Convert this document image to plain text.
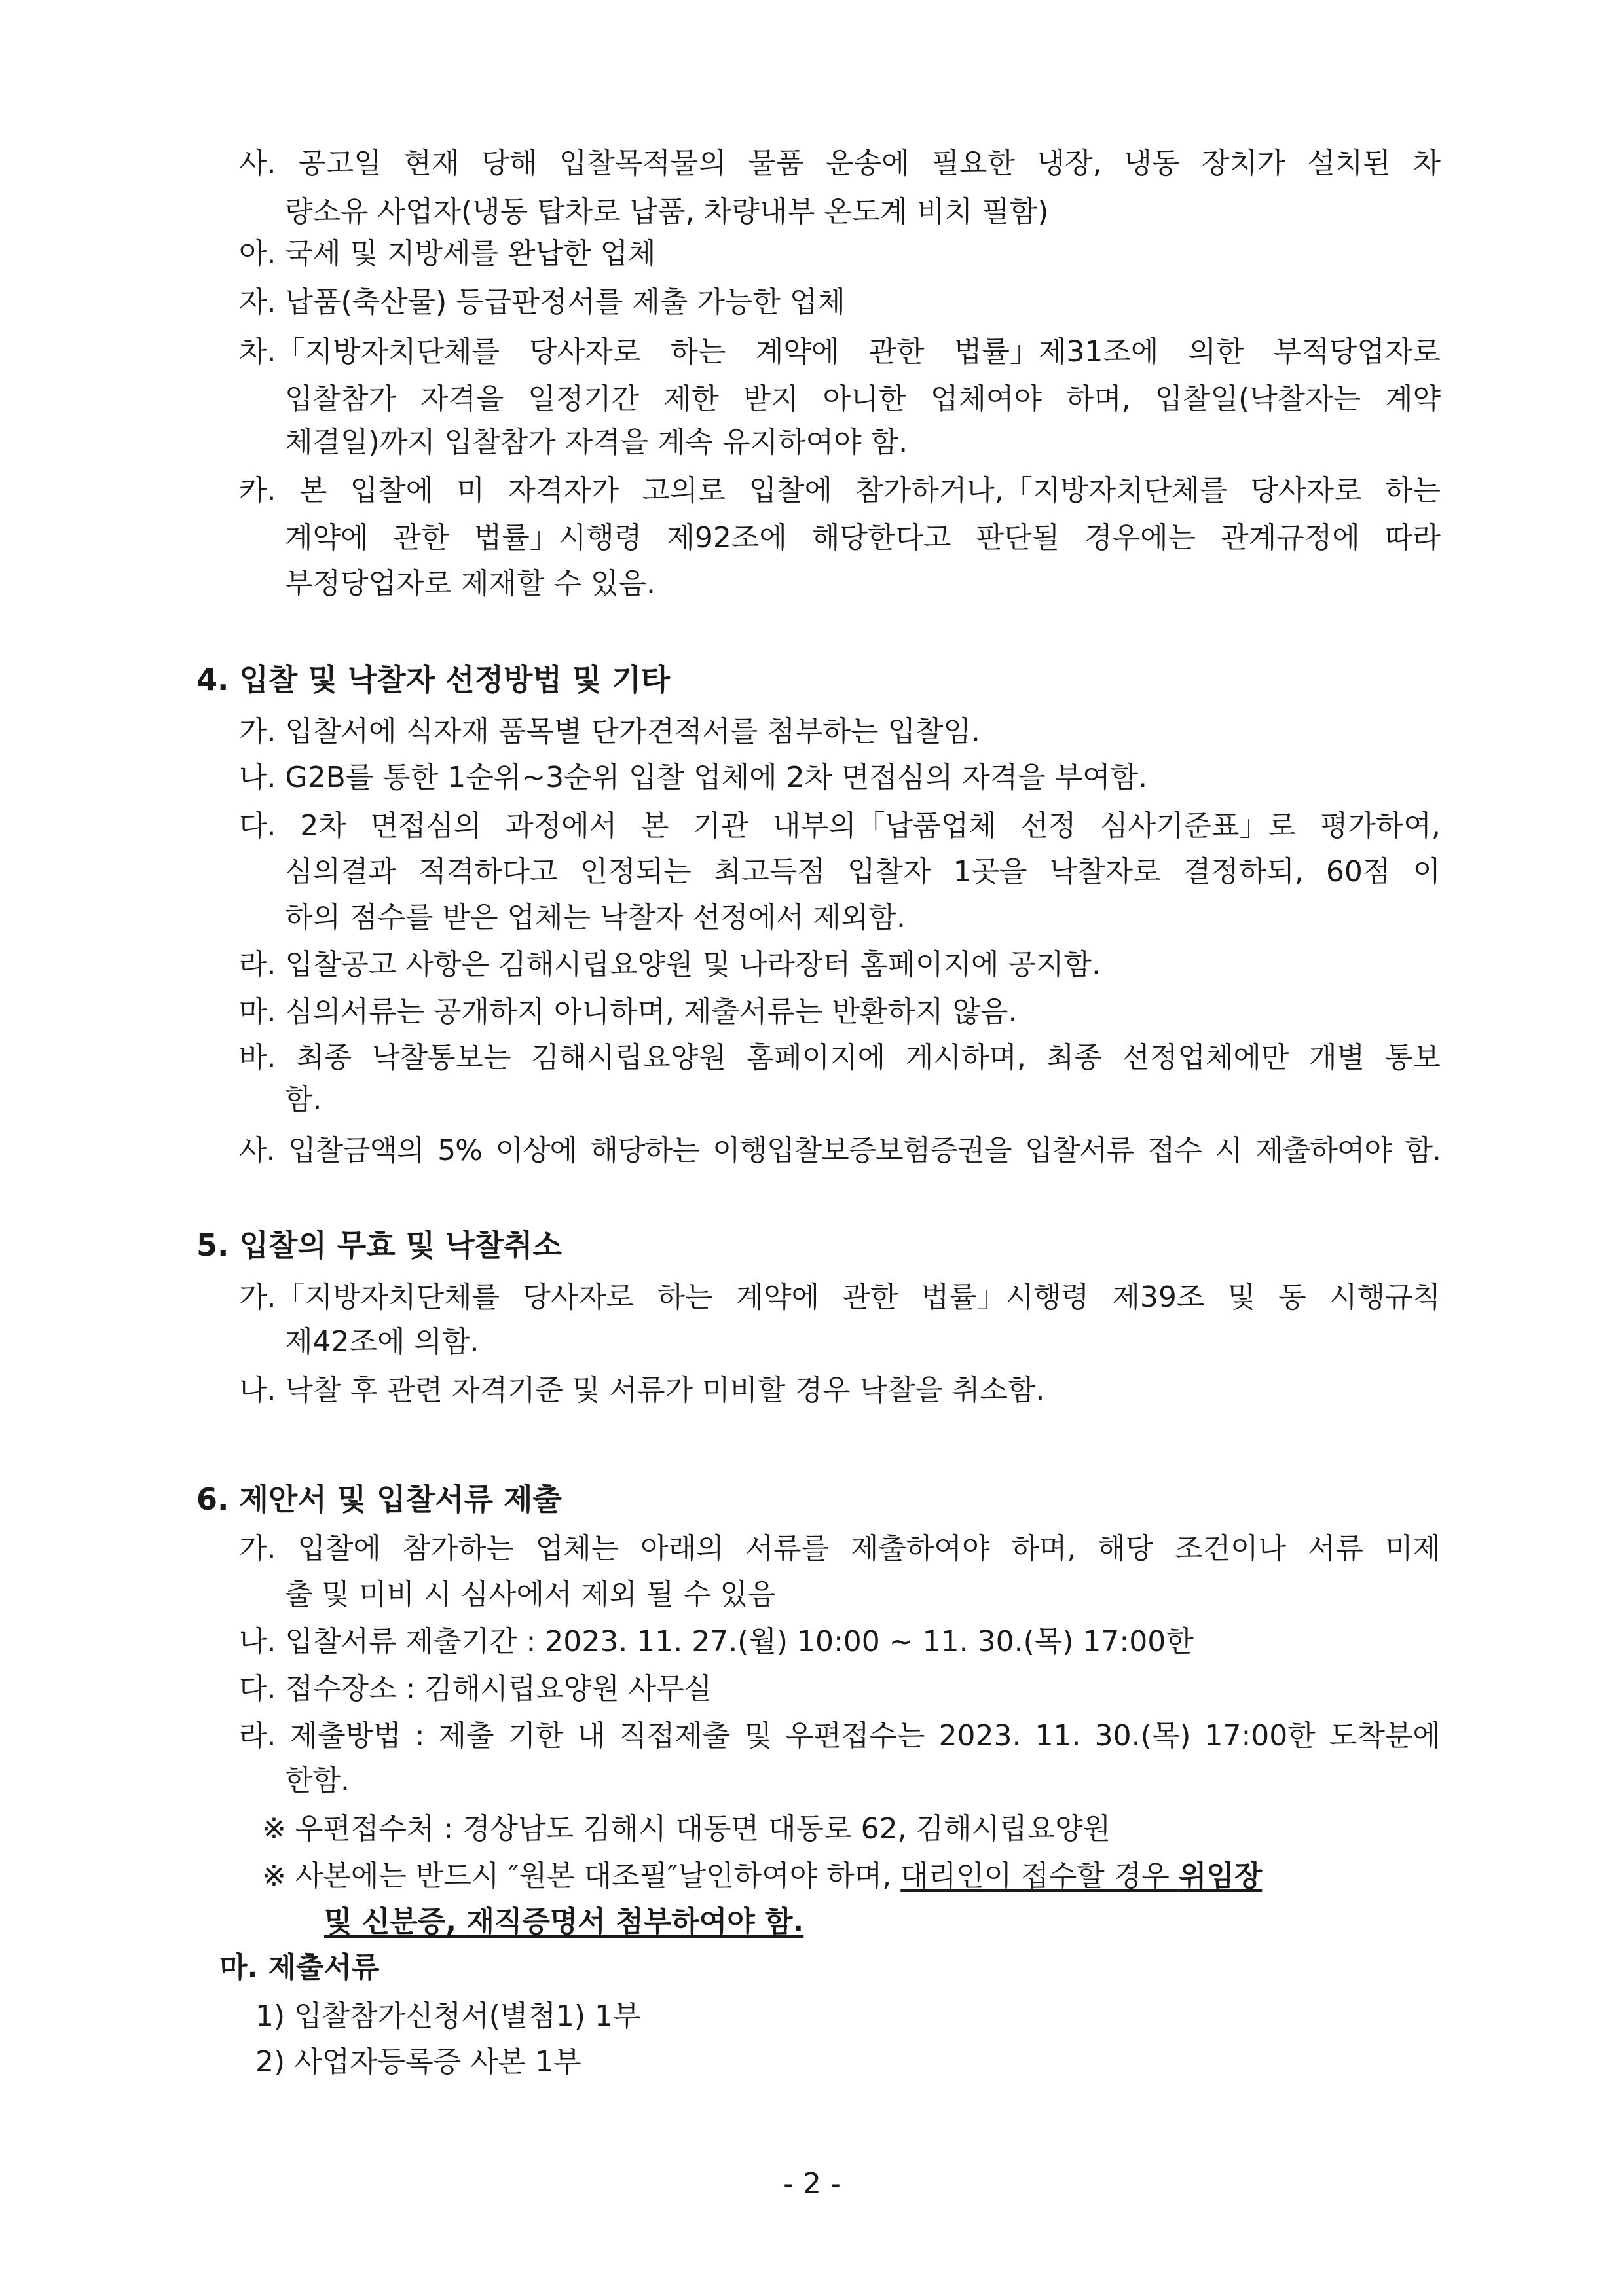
사. 공고일 현재 당해 입찰목적물의 물품 운송에 필요한 냉장, 냉동 장치가 설치된 차
량소유 사업자(냉동 탑차로 납품, 차량내부 온도계 비치 필함)
아. 국세 및 지방세를 완납한 업체
자. 납품(축산물) 등급판정서를 제출 가능한 업체
차.「지방자치단체를 당사자로 하는 계약에 관한 법률」제31조에 의한 부적당업자로
입찰참가 자격을 일정기간 제한 받지 아니한 업체여야 하며, 입찰일(낙찰자는 계약
체결일)까지 입찰참가 자격을 계속 유지하여야 함.
카. 본 입찰에 미 자격자가 고의로 입찰에 참가하거나,「지방자치단체를 당사자로 하는
계약에 관한 법률」시행령 제92조에 해당한다고 판단될 경우에는 관계규정에 따라
부정당업자로 제재할 수 있음.
4. 입찰 및 낙찰자 선정방법 및 기타
가. 입찰서에 식자재 품목별 단가견적서를 첨부하는 입찰임.
나. G2B를 통한 1순위~3순위 입찰 업체에 2차 면접심의 자격을 부여함.
다. 2차 면접심의 과정에서 본 기관 내부의「납품업체 선정 심사기준표」로 평가하여,
심의결과 적격하다고 인정되는 최고득점 입찰자 1곳을 낙찰자로 결정하되, 60점 이
하의 점수를 받은 업체는 낙찰자 선정에서 제외함.
라. 입찰공고 사항은 김해시립요양원 및 나라장터 홈페이지에 공지함.
마. 심의서류는 공개하지 아니하며, 제출서류는 반환하지 않음.
바. 최종 낙찰통보는 김해시립요양원 홈페이지에 게시하며, 최종 선정업체에만 개별 통보
함.
사. 입찰금액의 5% 이상에 해당하는 이행입찰보증보험증권을 입찰서류 접수 시 제출하여야 함.
5. 입찰의 무효 및 낙찰취소
가.「지방자치단체를 당사자로 하는 계약에 관한 법률」시행령 제39조 및 동 시행규칙
제42조에 의함.
나. 낙찰 후 관련 자격기준 및 서류가 미비할 경우 낙찰을 취소함.
6. 제안서 및 입찰서류 제출
가. 입찰에 참가하는 업체는 아래의 서류를 제출하여야 하며, 해당 조건이나 서류 미제
출 및 미비 시 심사에서 제외 될 수 있음
나. 입찰서류 제출기간 : 2023. 11. 27.(월) 10:00 ~ 11. 30.(목) 17:00한
다. 접수장소 : 김해시립요양원 사무실
라. 제출방법 : 제출 기한 내 직접제출 및 우편접수는 2023. 11. 30.(목) 17:00한 도착분에
한함.
※ 우편접수처 : 경상남도 김해시 대동면 대동로 62, 김해시립요양원
※ 사본에는 반드시 ″원본 대조필″날인하여야 하며, 대리인이 접수할 경우 위임장
및 신분증, 재직증명서 첨부하여야 함.
마. 제출서류
1) 입찰참가신청서(별첨1) 1부
2) 사업자등록증 사본 1부
- 2 -
